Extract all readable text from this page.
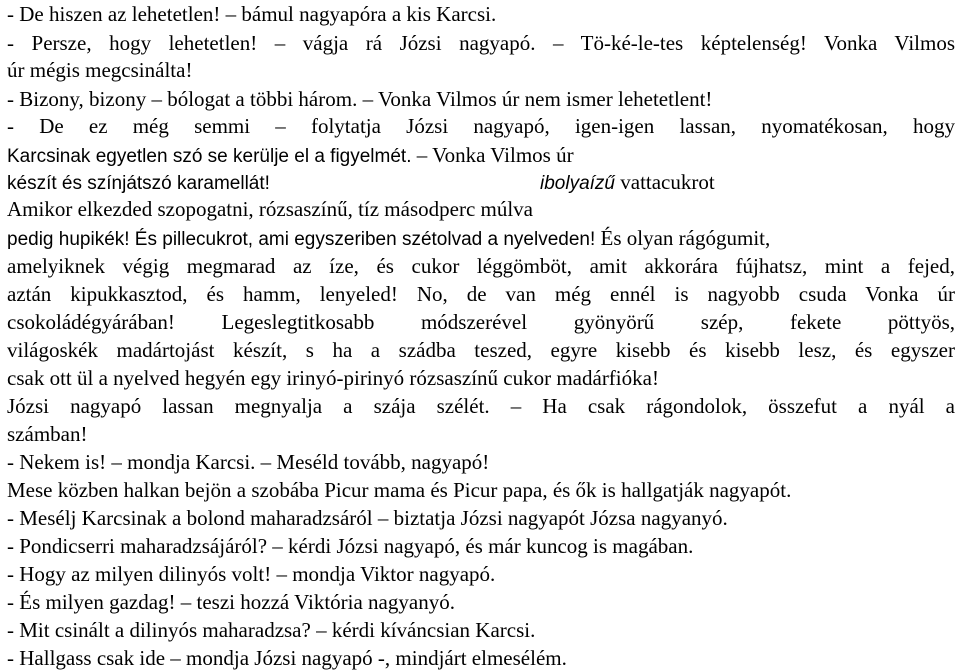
- De hiszen az lehetetlen! – bámul nagyapóra a kis Karcsi.
- Persze, hogy lehetetlen! – vágja rá Józsi nagyapó. – Tö-ké-le-tes képtelenség! Vonka Vilmos
úr mégis megcsinálta!
- Bizony, bizony – bólogat a többi három. – Vonka Vilmos úr nem ismer lehetetlent!
- De ez még semmi – folytatja Józsi nagyapó, igen-igen lassan, nyomatékosan, hogy
Karcsinak egyetlen szó se kerülje el a figyelmét. – Vonka Vilmos úr
ibolyaízű vattacukrot
készít és színjátszó karamellát!
Amikor elkezded szopogatni, rózsaszínű, tíz másodperc múlva
pedig hupikék! És pillecukrot, ami egyszeriben szétolvad a nyelveden! És olyan rágógumit,
amelyiknek végig megmarad az íze, és cukor léggömböt, amit akkorára fújhatsz, mint a fejed,
aztán kipukkasztod, és hamm, lenyeled! No, de van még ennél is nagyobb csuda Vonka úr
csokoládégyárában! Legeslegtitkosabb módszerével gyönyörű szép, fekete pöttyös,
világoskék madártojást készít, s ha a szádba teszed, egyre kisebb és kisebb lesz, és egyszer
csak ott ül a nyelved hegyén egy irinyó-pirinyó rózsaszínű cukor madárfióka!
Józsi nagyapó lassan megnyalja a szája szélét. – Ha csak rágondolok, összefut a nyál a
számban!
- Nekem is! – mondja Karcsi. – Meséld tovább, nagyapó!
Mese közben halkan bejön a szobába Picur mama és Picur papa, és ők is hallgatják nagyapót.
- Mesélj Karcsinak a bolond maharadzsáról – biztatja Józsi nagyapót Józsa nagyanyó.
- Pondicserri maharadzsájáról? – kérdi Józsi nagyapó, és már kuncog is magában.
- Hogy az milyen dilinyós volt! – mondja Viktor nagyapó.
- És milyen gazdag! – teszi hozzá Viktória nagyanyó.
- Mit csinált a dilinyós maharadzsa? – kérdi kíváncsian Karcsi.
- Hallgass csak ide – mondja Józsi nagyapó -, mindjárt elmesélém.
